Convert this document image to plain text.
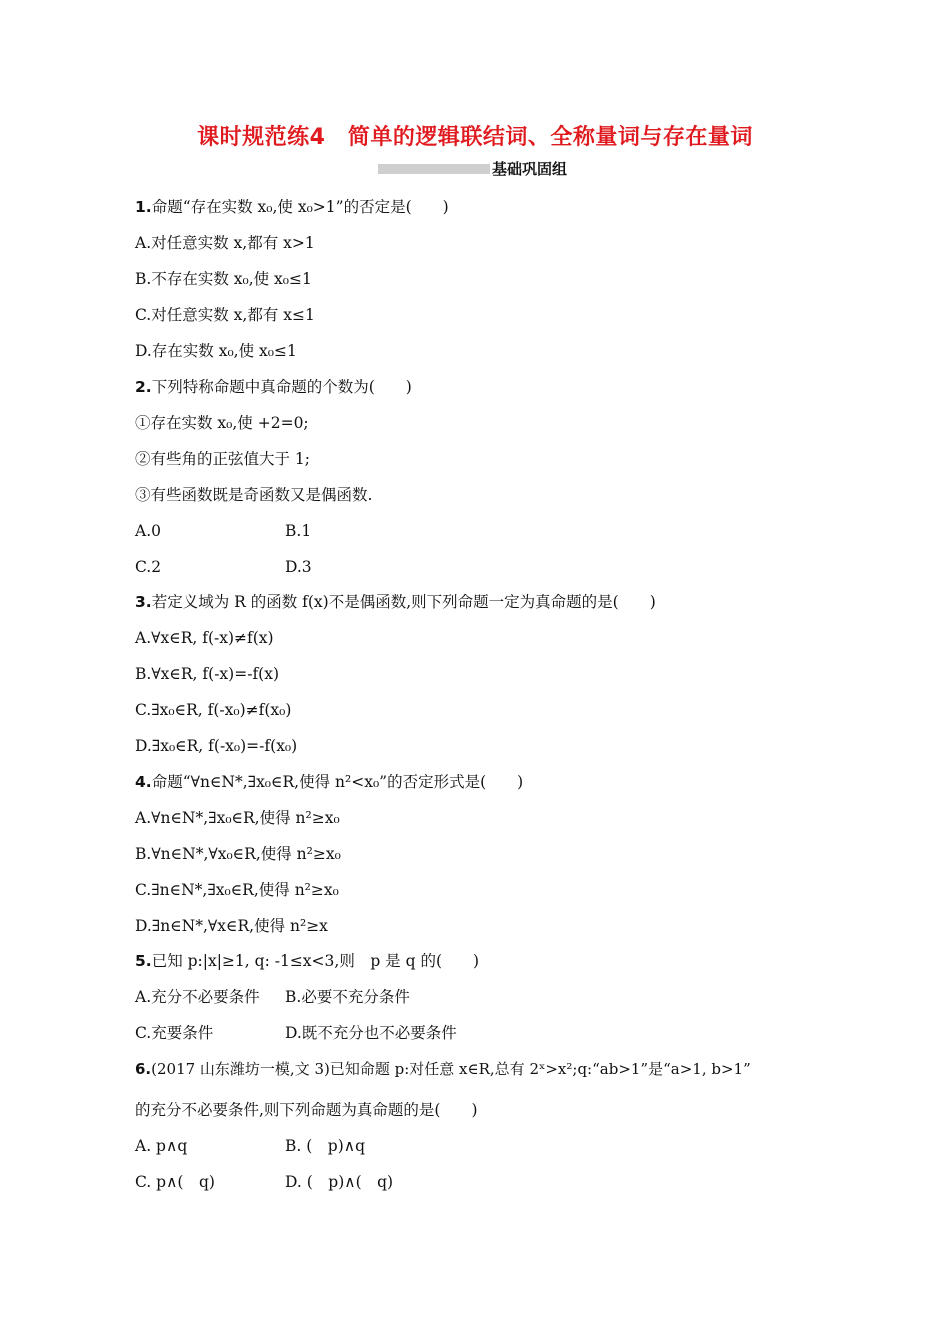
课时规范练4　简单的逻辑联结词、全称量词与存在量词
基础巩固组
1.命题“存在实数 x₀,使 x₀>1”的否定是(　　)
A.对任意实数 x,都有 x>1
B.不存在实数 x₀,使 x₀≤1
C.对任意实数 x,都有 x≤1
D.存在实数 x₀,使 x₀≤1
2.下列特称命题中真命题的个数为(　　)
①存在实数 x₀,使 +2=0;
②有些角的正弦值大于 1;
③有些函数既是奇函数又是偶函数.
A.0	B.1
C.2	D.3
3.若定义域为 R 的函数 f(x)不是偶函数,则下列命题一定为真命题的是(　　)
A.∀x∈R, f(-x)≠f(x)
B.∀x∈R, f(-x)=-f(x)
C.∃x₀∈R, f(-x₀)≠f(x₀)
D.∃x₀∈R, f(-x₀)=-f(x₀)
4.命题“∀n∈N*,∃x₀∈R,使得 n²<x₀”的否定形式是(　　)
A.∀n∈N*,∃x₀∈R,使得 n²≥x₀
B.∀n∈N*,∀x₀∈R,使得 n²≥x₀
C.∃n∈N*,∃x₀∈R,使得 n²≥x₀
D.∃n∈N*,∀x∈R,使得 n²≥x
5.已知 p:|x|≥1, q: -1≤x<3,则　p 是 q 的(　　)
A.充分不必要条件 B.必要不充分条件
C.充要条件	D.既不充分也不必要条件
6.(2017 山东潍坊一模,文 3)已知命题 p:对任意 x∈R,总有 2ˣ>x²;q:“ab>1”是“a>1, b>1”
的充分不必要条件,则下列命题为真命题的是(　　)
A. p∧q	B. (　p)∧q
C. p∧(　q)	D. (　p)∧(　q)
